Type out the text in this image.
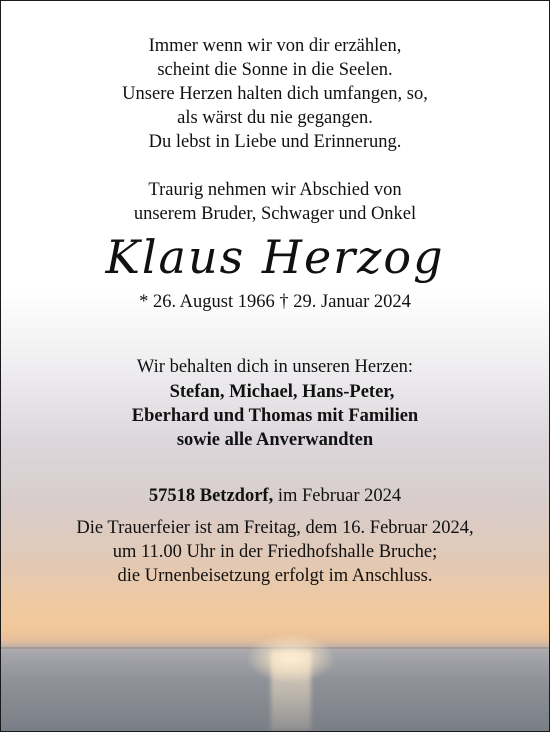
Immer wenn wir von dir erzählen,
scheint die Sonne in die Seelen.
Unsere Herzen halten dich umfangen, so,
als wärst du nie gegangen.
Du lebst in Liebe und Erinnerung.
Traurig nehmen wir Abschied von
unserem Bruder, Schwager und Onkel
Klaus Herzog
* 26. August 1966 † 29. Januar 2024
Wir behalten dich in unseren Herzen:
Stefan, Michael, Hans-Peter,
Eberhard und Thomas mit Familien
sowie alle Anverwandten
57518 Betzdorf, im Februar 2024
Die Trauerfeier ist am Freitag, dem 16. Februar 2024,
um 11.00 Uhr in der Friedhofshalle Bruche;
die Urnenbeisetzung erfolgt im Anschluss.
